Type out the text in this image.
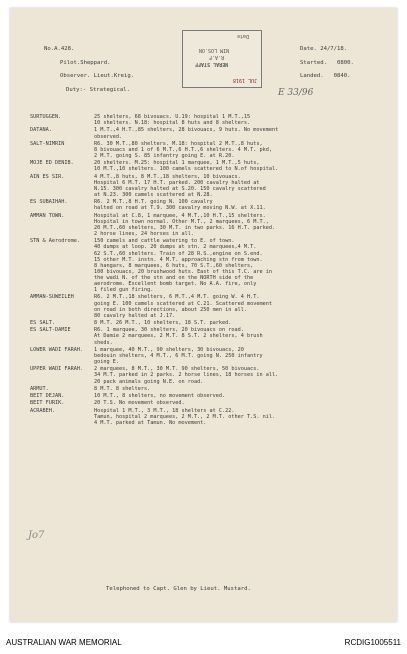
No.A.428.	Date. 24/7/18.
Pilot.Sheppard.	Started.   0800.
Observer. Lieut.Kreig.	Landed.   0840.
Duty:- Strategical.
Date
NERAL STAFF
R.A.F
NIM LOS.ON
JUL 1918
E 33/96
Jo7
SURTUGGEN.	25 shelters, 68 bivouacs. U.19: hospital 1 M.T.,15
10 shelters. N.18: hospital 8 huts and 8 shelters.
DATANA.	1 M.T.,4 H.T.,85 shelters, 28 bivouacs, 9 huts. No movement
observed.
SALT-NIMRIN	R6. 30 M.T.,80 shelters. M.18: hospital 2 M.T.,8 huts,
8 bivouacs and 1 of 6 M.T.,6 H.T.,6 shelters. 4 M.T. pkd,
2 M.T. going S. 85 infantry going E. at R.20.
MOJE ED DENIB.	20 shelters. M.25: hospital 1 marquee, 1 M.T.,5 huts,
10 M.T.,10 shelters. 100 camels scattered to N.of hospital.
AIN ES SIR.	4 M.T.,8 huts, 8 M.T.,18 shelters, 10 bivouacs.
Hospital 6 M.T. 17 H.T. parked. 200 cavalry halted at
N.15. 300 cavalry halted at S.20. 150 cavalry scattered
at N.23. 300 camels scattered at N.28.
ES SUBAIHAH.	R6. 2 M.T.,8 H.T. going N. 100 cavalry
halted on road at T.9. 300 cavalry moving N.W. at X.11.
AMMAN TOWN.	Hospital at C.8, 1 marquee, 4 M.T.,10 H.T.,15 shelters.
Hospital in town normal. Other M.T., 2 marquees, 6 M.T.,
20 M.T.,60 shelters, 30 M.T. in two parks. 16 H.T. parked.
2 horse lines, 24 horses in all.
STN & Aerodrome.	150 camels and cattle watering to E. of town.
40 dumps at loop. 20 dumps at stn. 2 marquees,4 M.T.
62 S.T.,60 shelters. Train of 28 R.S.,engine on S.end.
15 other M.T. instn. 4 M.T. approaching stn from town.
8 hangars, 8 marquees, 6 huts, 70 S.T.,60 shelters,
100 bivouacs, 20 brushwood huts. East of this T.C. are in
the wadi N. of the stn and on the NORTH side of the
aerodrome. Excellent bomb target. No A.A. fire, only
1 filed gun firing.
AMMAN-SUWEILEH	R6. 2 M.T.,18 shelters, 6 M.T.,4 M.T. going W. 4 H.T.
going E. 100 camels scattered at C.21. Scattered movement
on road in both directions, about 250 men in all.
80 cavalry halted at J.17.
ES SALT.	8 M.T. 26 M.T., 10 shelters, 18 S.T. parked.
ES SALT-DAMIE	R6. 1 marquee, 30 shelters, 20 bivouacs on road.
At Damie 2 marquees, 2 M.T. 8 S.T. 2 shelters, 4 brush
sheds.
LOWER WADI FARAH. 1 marquee, 40 M.T., 90 shelters, 30 bivouacs, 20
bedouin shelters, 4 M.T., 6 M.T. going N. 250 infantry
going E.
UPPER WADI FARAH. 2 marquees, 8 M.T., 30 M.T. 90 shelters, 50 bivouacs.
34 M.T. parked in 2 parks. 2 horse lines, 18 horses in all.
20 pack animals going N.E. on road.
ARMUT.	8 M.T. 8 shelters.
BEIT DEJAN.	10 M.T., 8 shelters, no movement observed.
BEIT FURIK.	20 T.S. No movement observed.
ACRABEH.	Hospital 1 M.T., 3 M.T., 18 shelters at C.22.
Tamun, hospital 2 marquees, 2 M.T., 2 M.T. other T.S. nil.
4 M.T. parked at Tamun. No movement.
Telephoned to Capt. Glen by Lieut. Mustard.
AUSTRALIAN WAR MEMORIAL	RCDIG1005511
